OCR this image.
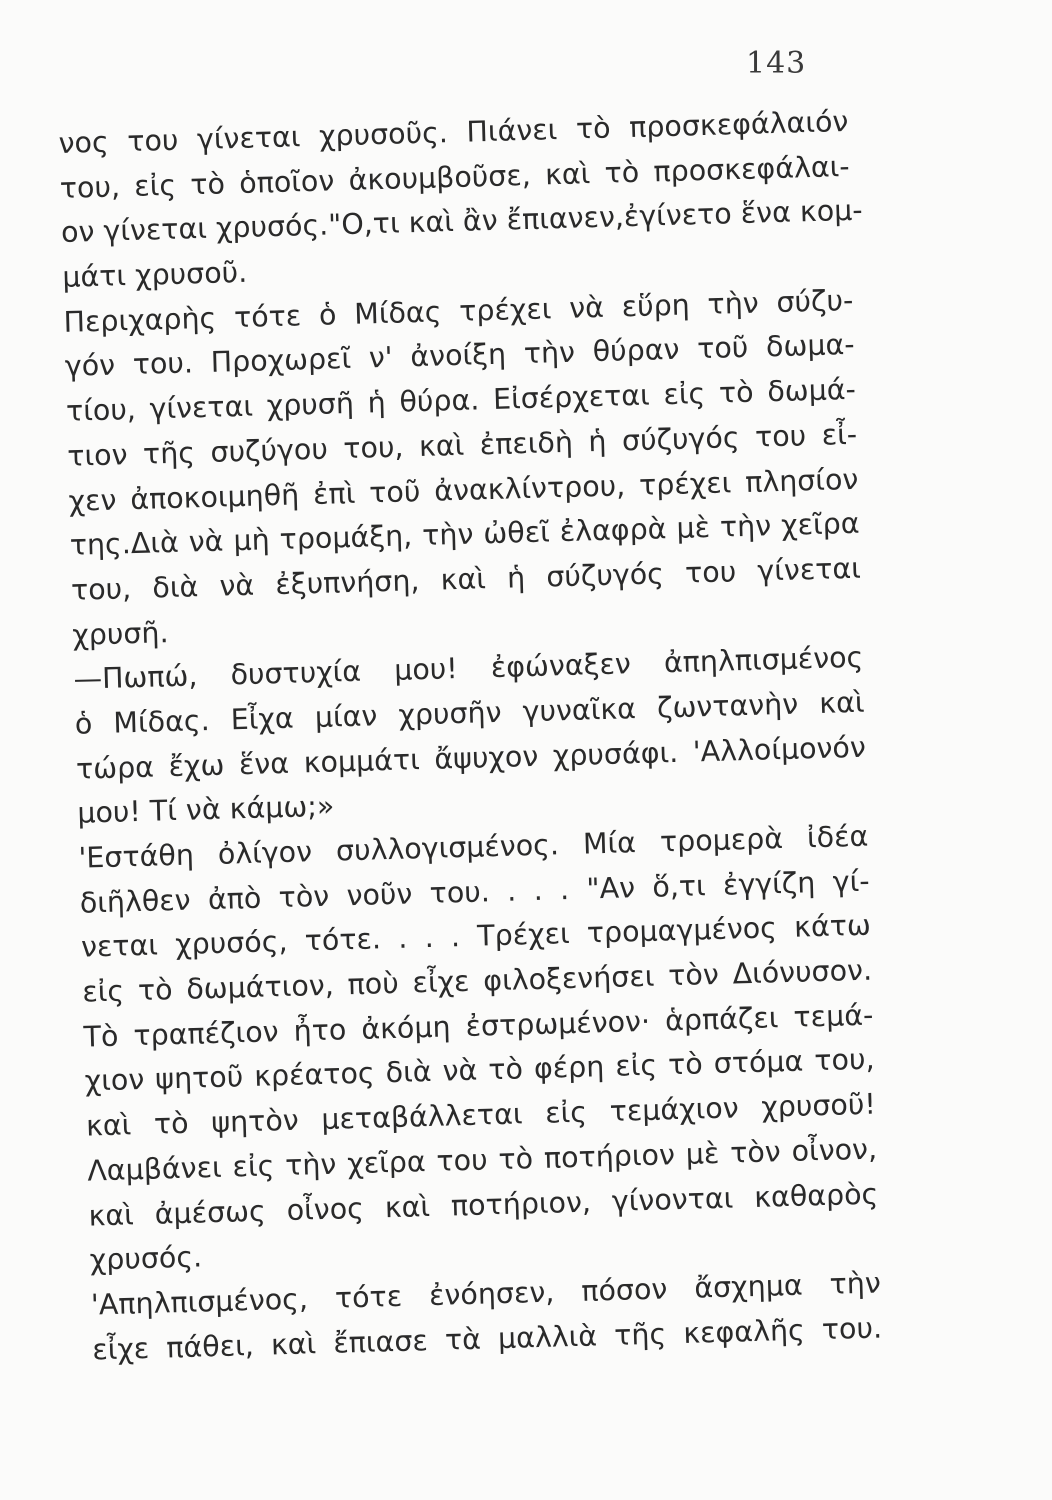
143
νος του γίνεται χρυσοῦς. Πιάνει τὸ προσκεφάλαιόν
του, εἰς τὸ ὁποῖον ἀκουμβοῦσε, καὶ τὸ προσκεφάλαι-
ον γίνεται χρυσός."Ο,τι καὶ ἂν ἔπιανεν,ἐγίνετο ἕνα κομ-
μάτι χρυσοῦ.
Περιχαρὴς τότε ὁ Μίδας τρέχει νὰ εὕρη τὴν σύζυ-
γόν του. Προχωρεῖ ν' ἀνοίξη τὴν θύραν τοῦ δωμα-
τίου, γίνεται χρυσῆ ἡ θύρα. Εἰσέρχεται εἰς τὸ δωμά-
τιον τῆς συζύγου του, καὶ ἐπειδὴ ἡ σύζυγός του εἶ-
χεν ἀποκοιμηθῆ ἐπὶ τοῦ ἀνακλίντρου, τρέχει πλησίον
της.Διὰ νὰ μὴ τρομάξη, τὴν ὠθεῖ ἐλαφρὰ μὲ τὴν χεῖρα
του, διὰ νὰ ἐξυπνήση, καὶ ἡ σύζυγός του γίνεται
χρυσῆ.
—Πωπώ, δυστυχία μου! ἐφώναξεν ἀπηλπισμένος
ὁ Μίδας. Εἶχα μίαν χρυσῆν γυναῖκα ζωντανὴν καὶ
τώρα ἔχω ἕνα κομμάτι ἄψυχον χρυσάφι. 'Αλλοίμονόν
μου! Τί νὰ κάμω;»
'Εστάθη ὀλίγον συλλογισμένος. Μία τρομερὰ ἰδέα
διῆλθεν ἀπὸ τὸν νοῦν του. . . . "Αν ὅ,τι ἐγγίζη γί-
νεται χρυσός, τότε. . . . Τρέχει τρομαγμένος κάτω
εἰς τὸ δωμάτιον, ποὺ εἶχε φιλοξενήσει τὸν Διόνυσον.
Τὸ τραπέζιον ἦτο ἀκόμη ἐστρωμένον· ἁρπάζει τεμά-
χιον ψητοῦ κρέατος διὰ νὰ τὸ φέρη εἰς τὸ στόμα του,
καὶ τὸ ψητὸν μεταβάλλεται εἰς τεμάχιον χρυσοῦ!
Λαμβάνει εἰς τὴν χεῖρα του τὸ ποτήριον μὲ τὸν οἶνον,
καὶ ἀμέσως οἶνος καὶ ποτήριον, γίνονται καθαρὸς
χρυσός.
'Απηλπισμένος, τότε ἐνόησεν, πόσον ἄσχημα τὴν
εἶχε πάθει, καὶ ἔπιασε τὰ μαλλιὰ τῆς κεφαλῆς του.
